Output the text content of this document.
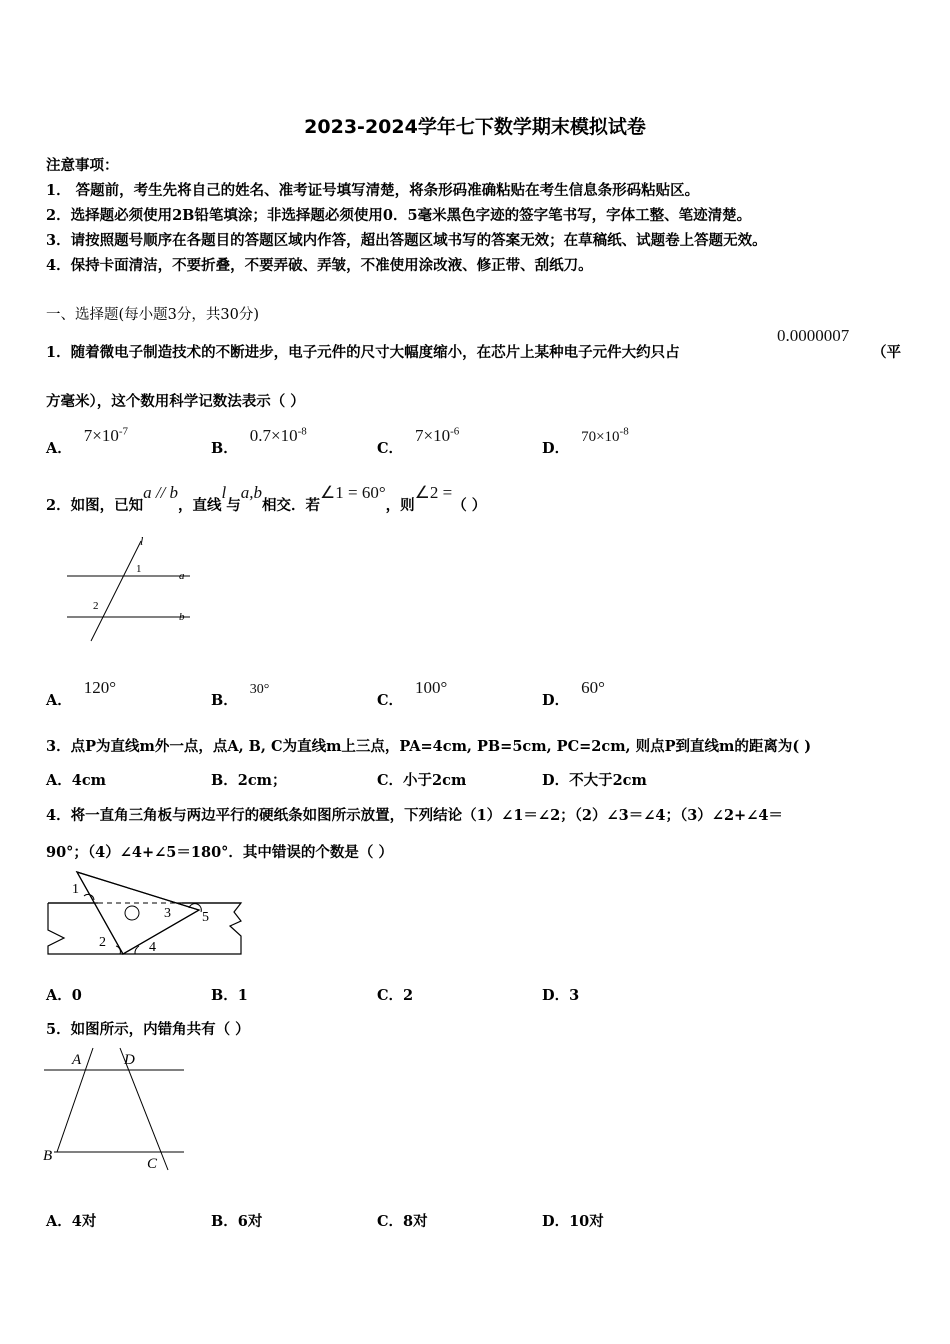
2023-2024学年七下数学期末模拟试卷
注意事项：
1． 答题前，考生先将自己的姓名、准考证号填写清楚，将条形码准确粘贴在考生信息条形码粘贴区。
2．选择题必须使用2B铅笔填涂；非选择题必须使用0．5毫米黑色字迹的签字笔书写，字体工整、笔迹清楚。
3．请按照题号顺序在各题目的答题区域内作答，超出答题区域书写的答案无效；在草稿纸、试题卷上答题无效。
4．保持卡面清洁，不要折叠，不要弄破、弄皱，不准使用涂改液、修正带、刮纸刀。
一、选择题(每小题3分，共30分)
1．随着微电子制造技术的不断进步，电子元件的尺寸大幅度缩小，在芯片上某种电子元件大约只占
0.0000007
（平
方毫米），这个数用科学记数法表示（ ）
A．$7\times 10^{-7}$
B．$0.7\times 10^{-8}$
C．$7\times 10^{-6}$
D．$70\times 10^{-8}$
2．如图，已知a // b，直线l与a,b相交．若∠1 = 60°，则∠2 =（ ）
l
a
b
1
2
A．120°
B．30°
C．100°
D．60°
3．点P为直线m外一点，点A, B, C为直线m上三点，PA=4cm, PB=5cm, PC=2cm, 则点P到直线m的距离为( )
A．4cm	B．2cm；	C．小于2cm	D．不大于2cm
4．将一直角三角板与两边平行的硬纸条如图所示放置，下列结论（1）∠1＝∠2；（2）∠3＝∠4；（3）∠2+∠4＝
90°；（4）∠4+∠5＝180°．其中错误的个数是（ ）
1
2
3
4
5
A．0	B．1	C．2	D．3
5．如图所示，内错角共有（ ）
A	D
B	C
A．4对	B．6对	C．8对	D．10对
